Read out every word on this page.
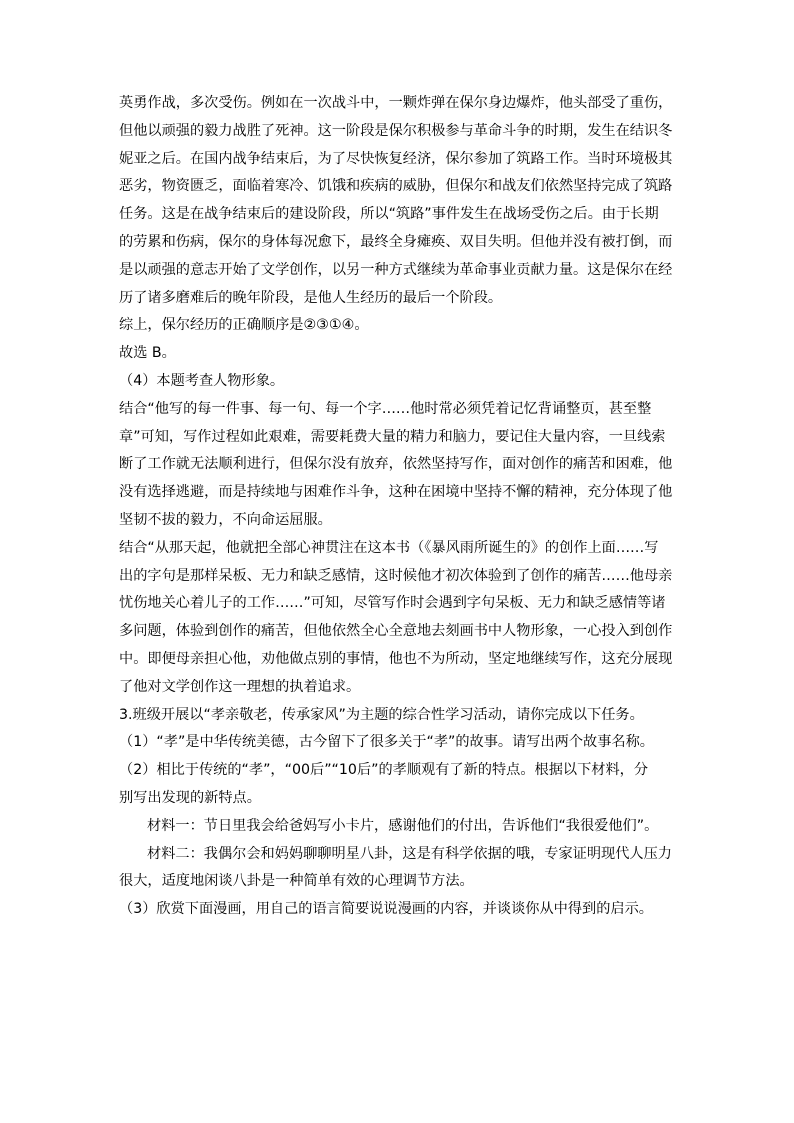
英勇作战，多次受伤。例如在一次战斗中，一颗炸弹在保尔身边爆炸，他头部受了重伤，
但他以顽强的毅力战胜了死神。这一阶段是保尔积极参与革命斗争的时期，发生在结识冬
妮亚之后。在国内战争结束后，为了尽快恢复经济，保尔参加了筑路工作。当时环境极其
恶劣，物资匮乏，面临着寒冷、饥饿和疾病的威胁，但保尔和战友们依然坚持完成了筑路
任务。这是在战争结束后的建设阶段，所以“筑路”事件发生在战场受伤之后。由于长期
的劳累和伤病，保尔的身体每况愈下，最终全身瘫痪、双目失明。但他并没有被打倒，而
是以顽强的意志开始了文学创作，以另一种方式继续为革命事业贡献力量。这是保尔在经
历了诸多磨难后的晚年阶段，是他人生经历的最后一个阶段。
综上，保尔经历的正确顺序是②③①④。
故选 B。
（4）本题考查人物形象。
结合“他写的每一件事、每一句、每一个字……他时常必须凭着记忆背诵整页，甚至整
章”可知，写作过程如此艰难，需要耗费大量的精力和脑力，要记住大量内容，一旦线索
断了工作就无法顺利进行，但保尔没有放弃，依然坚持写作，面对创作的痛苦和困难，他
没有选择逃避，而是持续地与困难作斗争，这种在困境中坚持不懈的精神，充分体现了他
坚韧不拔的毅力，不向命运屈服。
结合“从那天起，他就把全部心神贯注在这本书（《暴风雨所诞生的》的创作上面……写
出的字句是那样呆板、无力和缺乏感情，这时候他才初次体验到了创作的痛苦……他母亲
忧伤地关心着儿子的工作……”可知，尽管写作时会遇到字句呆板、无力和缺乏感情等诸
多问题，体验到创作的痛苦，但他依然全心全意地去刻画书中人物形象，一心投入到创作
中。即便母亲担心他，劝他做点别的事情，他也不为所动，坚定地继续写作，这充分展现
了他对文学创作这一理想的执着追求。
3.班级开展以“孝亲敬老，传承家风”为主题的综合性学习活动，请你完成以下任务。
（1）“孝”是中华传统美德，古今留下了很多关于“孝”的故事。请写出两个故事名称。
（2）相比于传统的“孝”，“00后”“10后”的孝顺观有了新的特点。根据以下材料，分
别写出发现的新特点。
材料一：节日里我会给爸妈写小卡片，感谢他们的付出，告诉他们“我很爱他们”。
材料二：我偶尔会和妈妈聊聊明星八卦，这是有科学依据的哦，专家证明现代人压力
很大，适度地闲谈八卦是一种简单有效的心理调节方法。
（3）欣赏下面漫画，用自己的语言简要说说漫画的内容，并谈谈你从中得到的启示。
